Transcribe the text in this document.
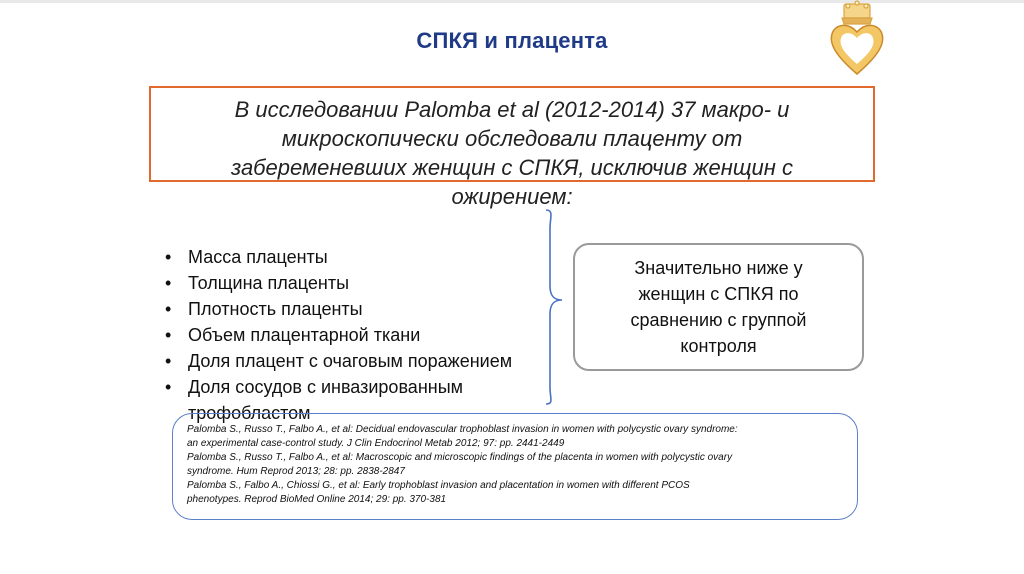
СПКЯ и плацента
В исследовании Palomba et al (2012-2014) 37 макро- и
микроскопически обследовали плаценту от
забеременевших женщин с СПКЯ, исключив женщин с
ожирением:
• Масса плаценты
• Толщина плаценты
• Плотность плаценты
• Объем плацентарной ткани
• Доля плацент с очаговым поражением
• Доля сосудов с инвазированным трофобластом
Значительно ниже у женщин с СПКЯ по сравнению с группой контроля
Palomba S., Russo T., Falbo A., et al: Decidual endovascular trophoblast invasion in women with polycystic ovary syndrome:
an experimental case-control study. J Clin Endocrinol Metab 2012; 97: pp. 2441-2449
Palomba S., Russo T., Falbo A., et al: Macroscopic and microscopic findings of the placenta in women with polycystic ovary
syndrome. Hum Reprod 2013; 28: pp. 2838-2847
Palomba S., Falbo A., Chiossi G., et al: Early trophoblast invasion and placentation in women with different PCOS
phenotypes. Reprod BioMed Online 2014; 29: pp. 370-381
